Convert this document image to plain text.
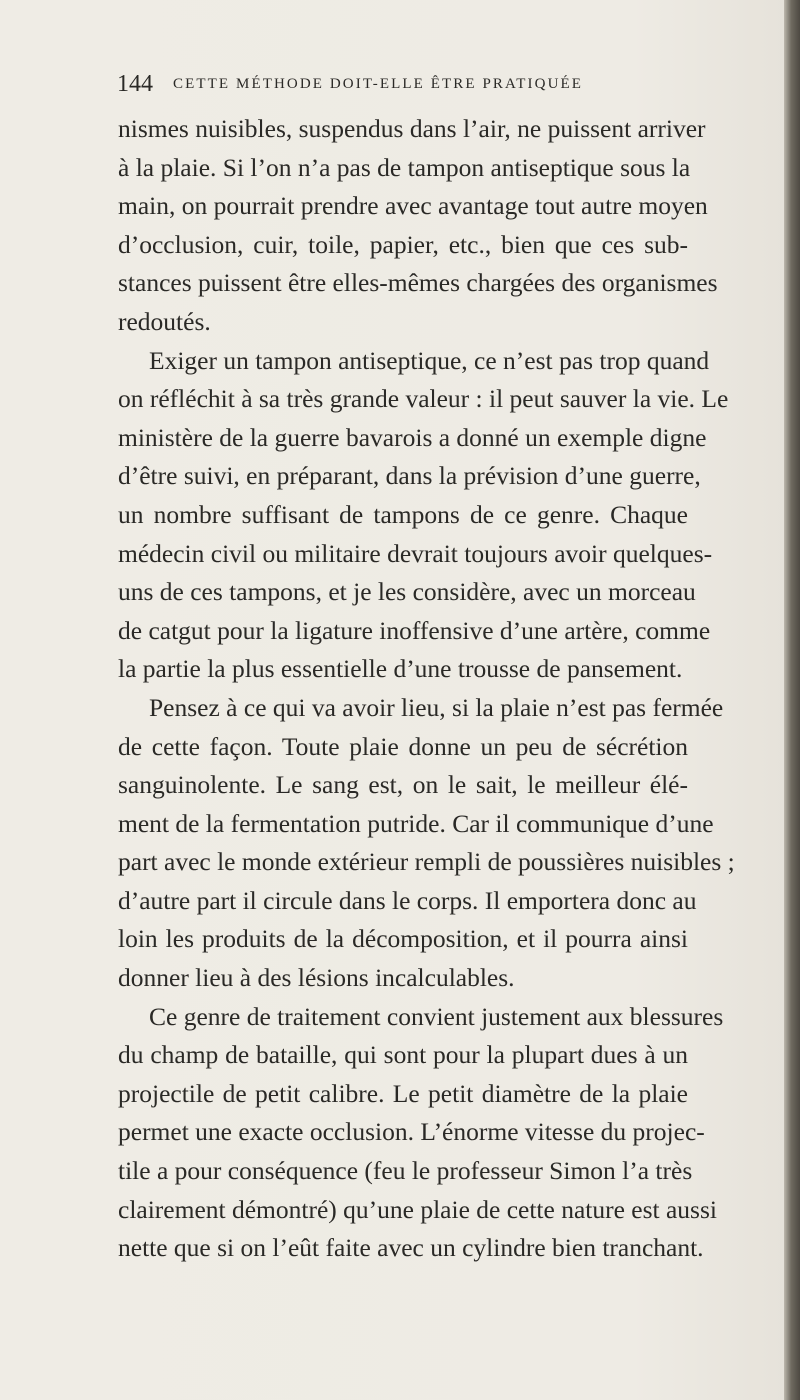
144 CETTE MÉTHODE DOIT-ELLE ÊTRE PRATIQUÉE
nismes nuisibles, suspendus dans l’air, ne puissent arriver
à la plaie. Si l’on n’a pas de tampon antiseptique sous la
main, on pourrait prendre avec avantage tout autre moyen
d’occlusion, cuir, toile, papier, etc., bien que ces sub-
stances puissent être elles-mêmes chargées des organismes
redoutés.
Exiger un tampon antiseptique, ce n’est pas trop quand
on réfléchit à sa très grande valeur : il peut sauver la vie. Le
ministère de la guerre bavarois a donné un exemple digne
d’être suivi, en préparant, dans la prévision d’une guerre,
un nombre suffisant de tampons de ce genre. Chaque
médecin civil ou militaire devrait toujours avoir quelques-
uns de ces tampons, et je les considère, avec un morceau
de catgut pour la ligature inoffensive d’une artère, comme
la partie la plus essentielle d’une trousse de pansement.
Pensez à ce qui va avoir lieu, si la plaie n’est pas fermée
de cette façon. Toute plaie donne un peu de sécrétion
sanguinolente. Le sang est, on le sait, le meilleur élé-
ment de la fermentation putride. Car il communique d’une
part avec le monde extérieur rempli de poussières nuisibles ;
d’autre part il circule dans le corps. Il emportera donc au
loin les produits de la décomposition, et il pourra ainsi
donner lieu à des lésions incalculables.
Ce genre de traitement convient justement aux blessures
du champ de bataille, qui sont pour la plupart dues à un
projectile de petit calibre. Le petit diamètre de la plaie
permet une exacte occlusion. L’énorme vitesse du projec-
tile a pour conséquence (feu le professeur Simon l’a très
clairement démontré) qu’une plaie de cette nature est aussi
nette que si on l’eût faite avec un cylindre bien tranchant.
